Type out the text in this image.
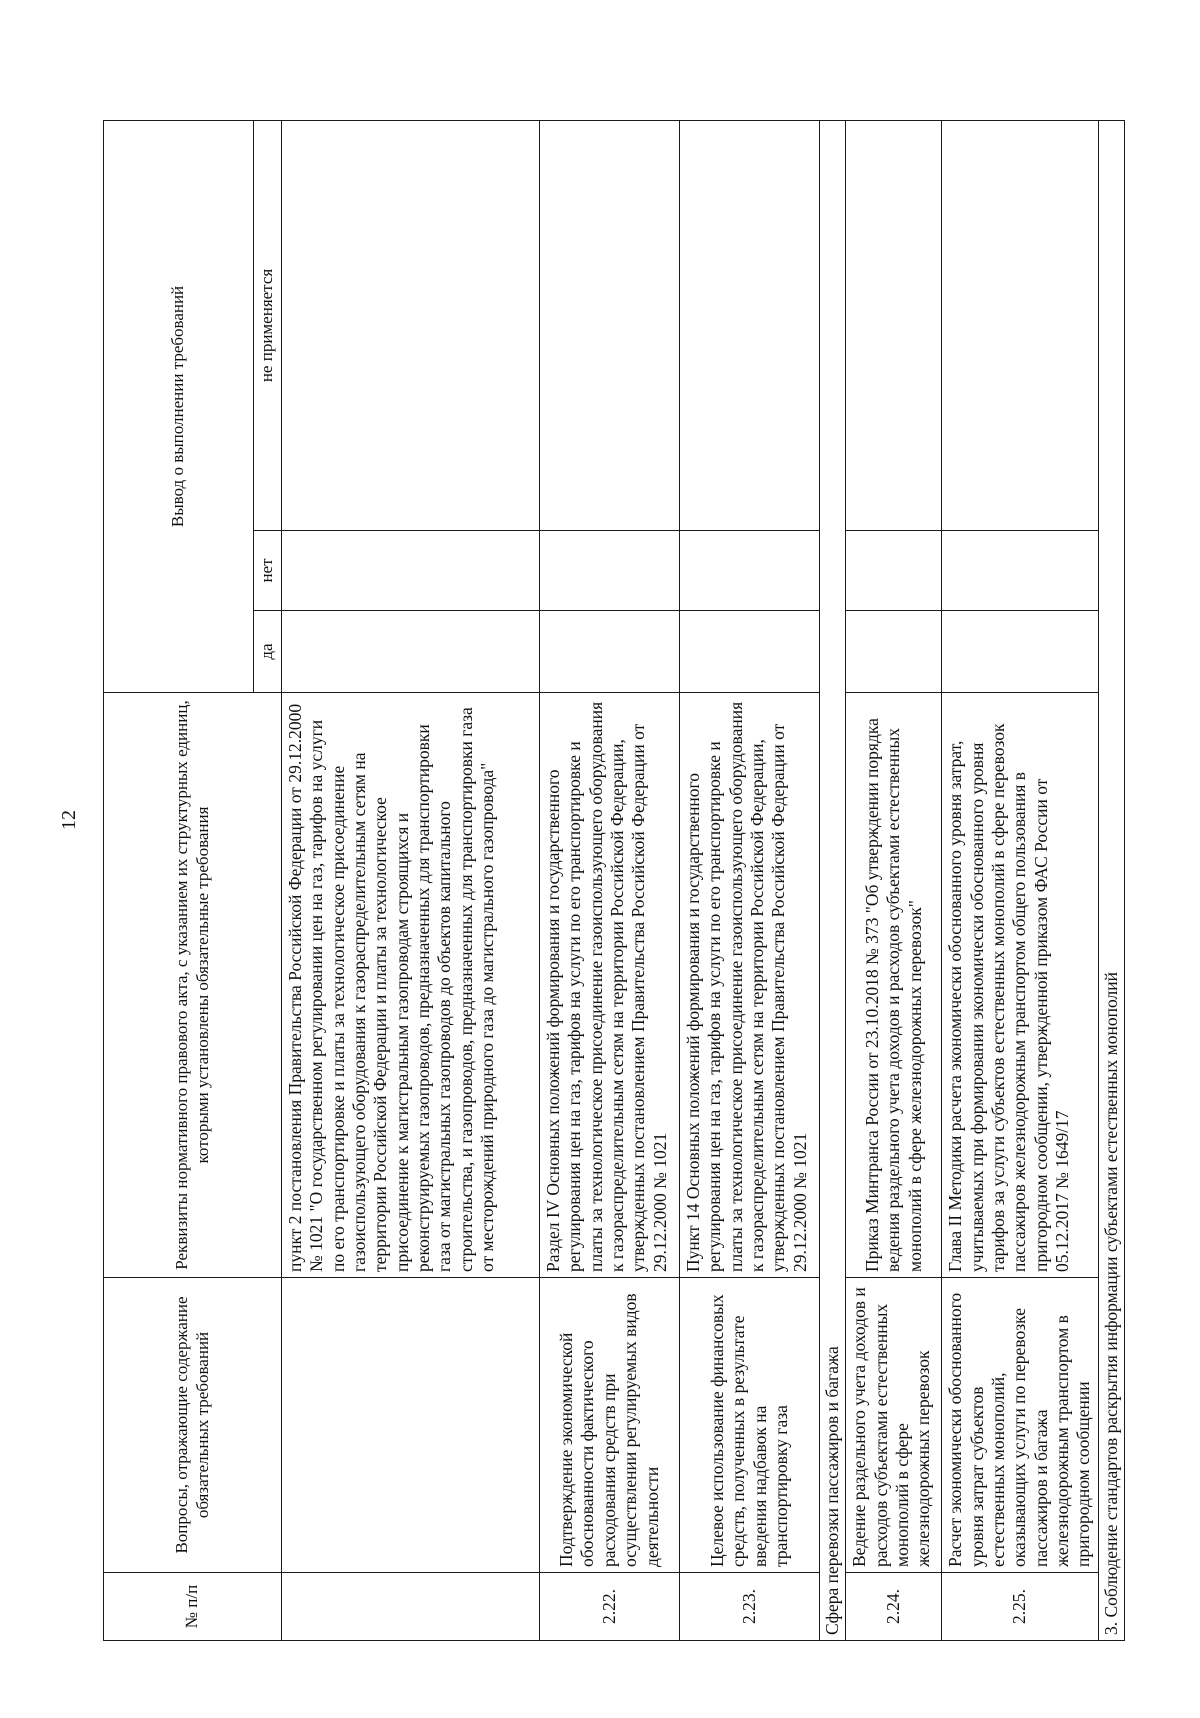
12
№ п/п	Вопросы, отражающие содержание обязательных требований	Реквизиты нормативного правового акта, с указанием их структурных единиц, которыми установлены обязательные требования	Вывод о выполнении требований		
			да	нет	не применяется
		пункт 2 постановления Правительства Российской Федерации от 29.12.2000 № 1021 "О государственном регулировании цен на газ, тарифов на услуги по его транспортировке и платы за технологическое присоединение газоиспользующего оборудования к газораспределительным сетям на территории Российской Федерации и платы за технологическое присоединение к магистральным газопроводам строящихся и реконструируемых газопроводов, предназначенных для транспортировки газа от магистральных газопроводов до объектов капитального строительства, и газопроводов, предназначенных для транспортировки газа от месторождений природного газа до магистрального газопровода"			
2.22.	Подтверждение экономической обоснованности фактического расходования средств при осуществлении регулируемых видов деятельности	Раздел IV Основных положений формирования и государственного регулирования цен на газ, тарифов на услуги по его транспортировке и платы за технологическое присоединение газоиспользующего оборудования к газораспределительным сетям на территории Российской Федерации, утвержденных постановлением Правительства Российской Федерации от 29.12.2000 № 1021			
2.23.	Целевое использование финансовых средств, полученных в результате введения надбавок на транспортировку газа	Пункт 14 Основных положений формирования и государственного регулирования цен на газ, тарифов на услуги по его транспортировке и платы за технологическое присоединение газоиспользующего оборудования к газораспределительным сетям на территории Российской Федерации, утвержденных постановлением Правительства Российской Федерации от 29.12.2000 № 1021			
Сфера перевозки пассажиров и багажа					
2.24.	Ведение раздельного учета доходов и расходов субъектами естественных монополий в сфере железнодорожных перевозок	Приказ Минтранса России от 23.10.2018 № 373 "Об утверждении порядка ведения раздельного учета доходов и расходов субъектами естественных монополий в сфере железнодорожных перевозок"			
2.25.	Расчет экономически обоснованного уровня затрат субъектов естественных монополий, оказывающих услуги по перевозке пассажиров и багажа железнодорожным транспортом в пригородном сообщении	Глава II Методики расчета экономически обоснованного уровня затрат, учитываемых при формировании экономически обоснованного уровня тарифов за услуги субъектов естественных монополий в сфере перевозок пассажиров железнодорожным транспортом общего пользования в пригородном сообщении, утвержденной приказом ФАС России от 05.12.2017 № 1649/17			
3. Соблюдение стандартов раскрытия информации субъектами естественных монополий					
